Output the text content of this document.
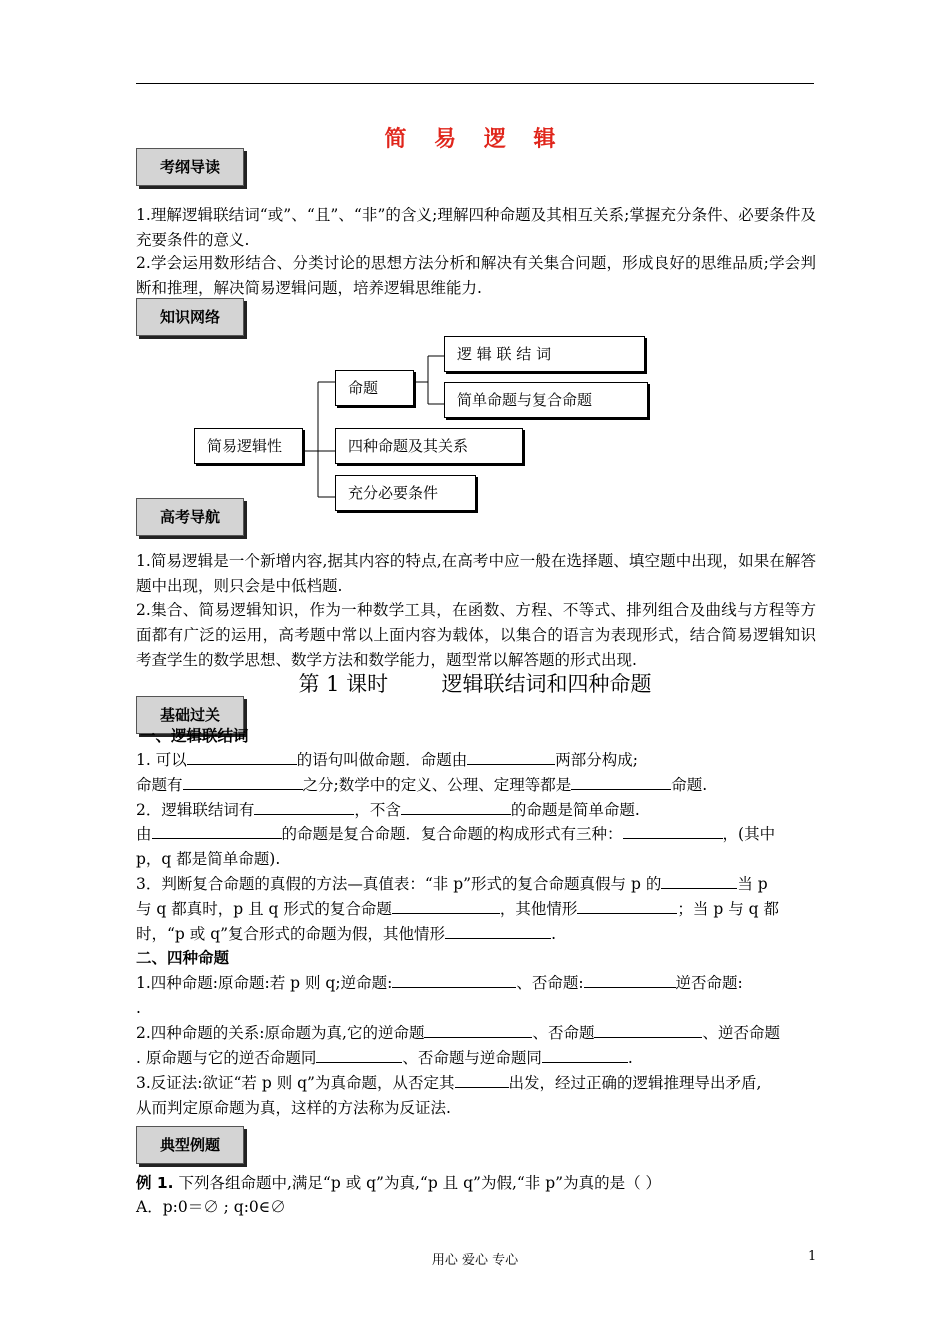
简 易 逻 辑
考纲导读
1.理解逻辑联结词“或”、“且”、“非”的含义;理解四种命题及其相互关系;掌握充分条件、必要条件及充要条件的意义.
2.学会运用数形结合、分类讨论的思想方法分析和解决有关集合问题，形成良好的思维品质;学会判断和推理，解决简易逻辑问题，培养逻辑思维能力.
知识网络
简易逻辑性
命题
逻 辑 联 结 词
简单命题与复合命题
四种命题及其关系
充分必要条件
高考导航
1.简易逻辑是一个新增内容,据其内容的特点,在高考中应一般在选择题、填空题中出现，如果在解答题中出现，则只会是中低档题.
2.集合、简易逻辑知识，作为一种数学工具，在函数、方程、不等式、排列组合及曲线与方程等方面都有广泛的运用，高考题中常以上面内容为载体，以集合的语言为表现形式，结合简易逻辑知识考查学生的数学思想、数学方法和数学能力，题型常以解答题的形式出现.
第 1 课时        逻辑联结词和四种命题
基础过关
一、逻辑联结词
1. 可以	的语句叫做命题．命题由	两部分构成;
命题有	之分;数学中的定义、公理、定理等都是	命题.
2．逻辑联结词有	，不含	的命题是简单命题.
由	的命题是复合命题．复合命题的构成形式有三种：	，(其中
p，q 都是简单命题).
3．判断复合命题的真假的方法—真值表：“非 p”形式的复合命题真假与 p 的	当 p
与 q 都真时，p 且 q 形式的复合命题	，其他情形	；当 p 与 q 都
时，“p 或 q”复合形式的命题为假，其他情形	.
二、四种命题
1.四种命题:原命题:若 p 则 q;逆命题:	、否命题:	逆否命题:
.
2.四种命题的关系:原命题为真,它的逆命题	、否命题	、逆否命题
. 原命题与它的逆否命题同	、否命题与逆命题同	.
3.反证法:欲证“若 p 则 q”为真命题，从否定其	出发，经过正确的逻辑推理导出矛盾,
从而判定原命题为真，这样的方法称为反证法.
典型例题
例 1. 下列各组命题中,满足“p 或 q”为真,“p 且 q”为假,“非 p”为真的是（ ）
A．p:0＝∅ ; q:0∈∅
用心 爱心 专心	1
